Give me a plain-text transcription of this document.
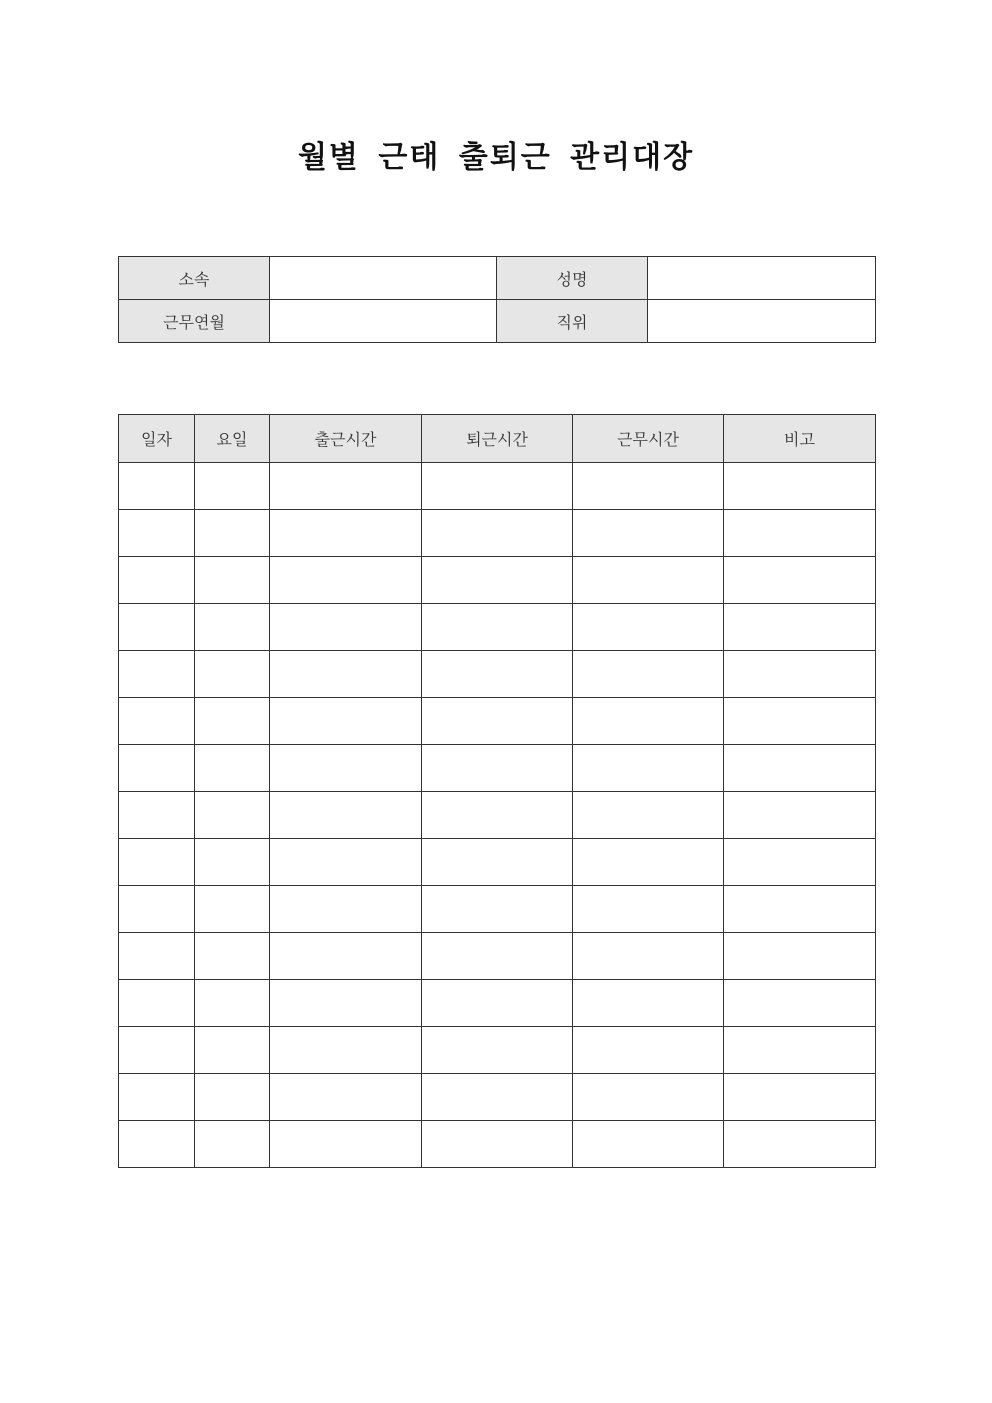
월별 근태 출퇴근 관리대장
소속		성명	
근무연월		직위	
일자	요일	출근시간	퇴근시간	근무시간	비고
